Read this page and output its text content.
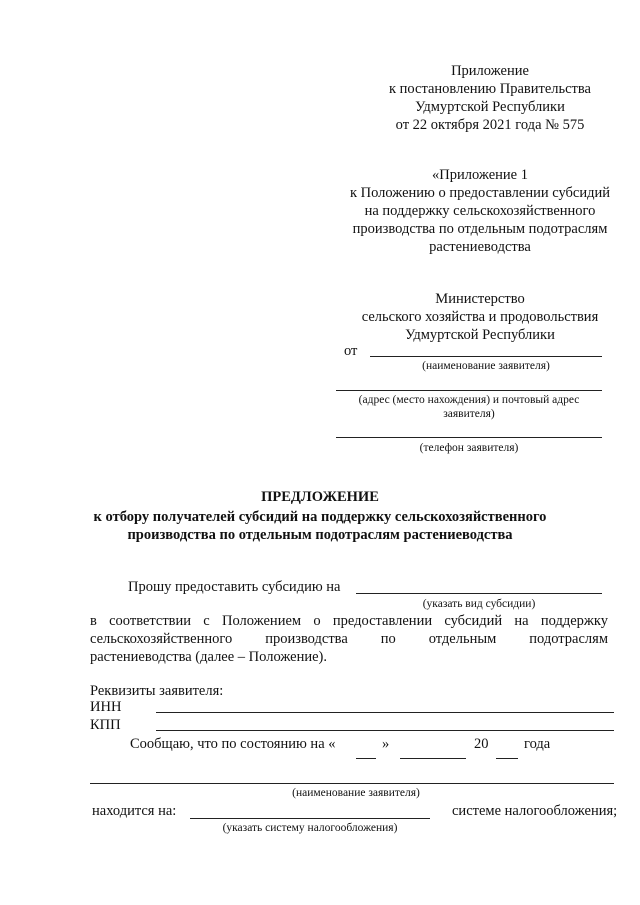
Приложение
к постановлению Правительства
Удмуртской Республики
от 22 октября 2021 года № 575
«Приложение 1
к Положению о предоставлении субсидий
на поддержку сельскохозяйственного
производства по отдельным подотраслям
растениеводства
Министерство
сельского хозяйства и продовольствия
Удмуртской Республики
от
(наименование заявителя)
(адрес (место нахождения) и почтовый адрес
заявителя)
(телефон заявителя)
ПРЕДЛОЖЕНИЕ
к отбору получателей субсидий на поддержку сельскохозяйственного
производства по отдельным подотраслям растениеводства
Прошу предоставить субсидию на
(указать вид субсидии)
в соответствии с Положением о предоставлении субсидий на поддержку
сельскохозяйственного производства по отдельным подотраслям
растениеводства (далее – Положение).
Реквизиты заявителя:
ИНН
КПП
Сообщаю, что по состоянию на «	»	20 года
(наименование заявителя)
находится на:	системе налогообложения;
(указать систему налогообложения)
